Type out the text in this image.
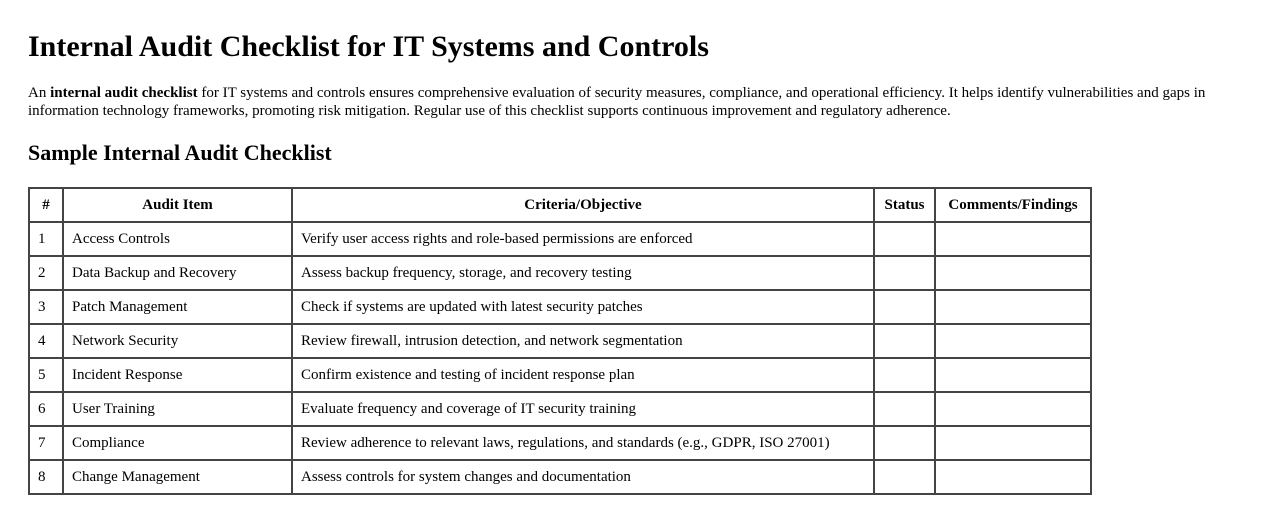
Internal Audit Checklist for IT Systems and Controls

An internal audit checklist for IT systems and controls ensures comprehensive evaluation of security measures, compliance, and operational efficiency. It helps identify vulnerabilities and gaps in information technology frameworks, promoting risk mitigation. Regular use of this checklist supports continuous improvement and regulatory adherence.

Sample Internal Audit Checklist
#	Audit Item	Criteria/Objective	Status	Comments/Findings
1	Access Controls	Verify user access rights and role-based permissions are enforced		
2	Data Backup and Recovery	Assess backup frequency, storage, and recovery testing		
3	Patch Management	Check if systems are updated with latest security patches		
4	Network Security	Review firewall, intrusion detection, and network segmentation		
5	Incident Response	Confirm existence and testing of incident response plan		
6	User Training	Evaluate frequency and coverage of IT security training		
7	Compliance	Review adherence to relevant laws, regulations, and standards (e.g., GDPR, ISO 27001)		
8	Change Management	Assess controls for system changes and documentation		
